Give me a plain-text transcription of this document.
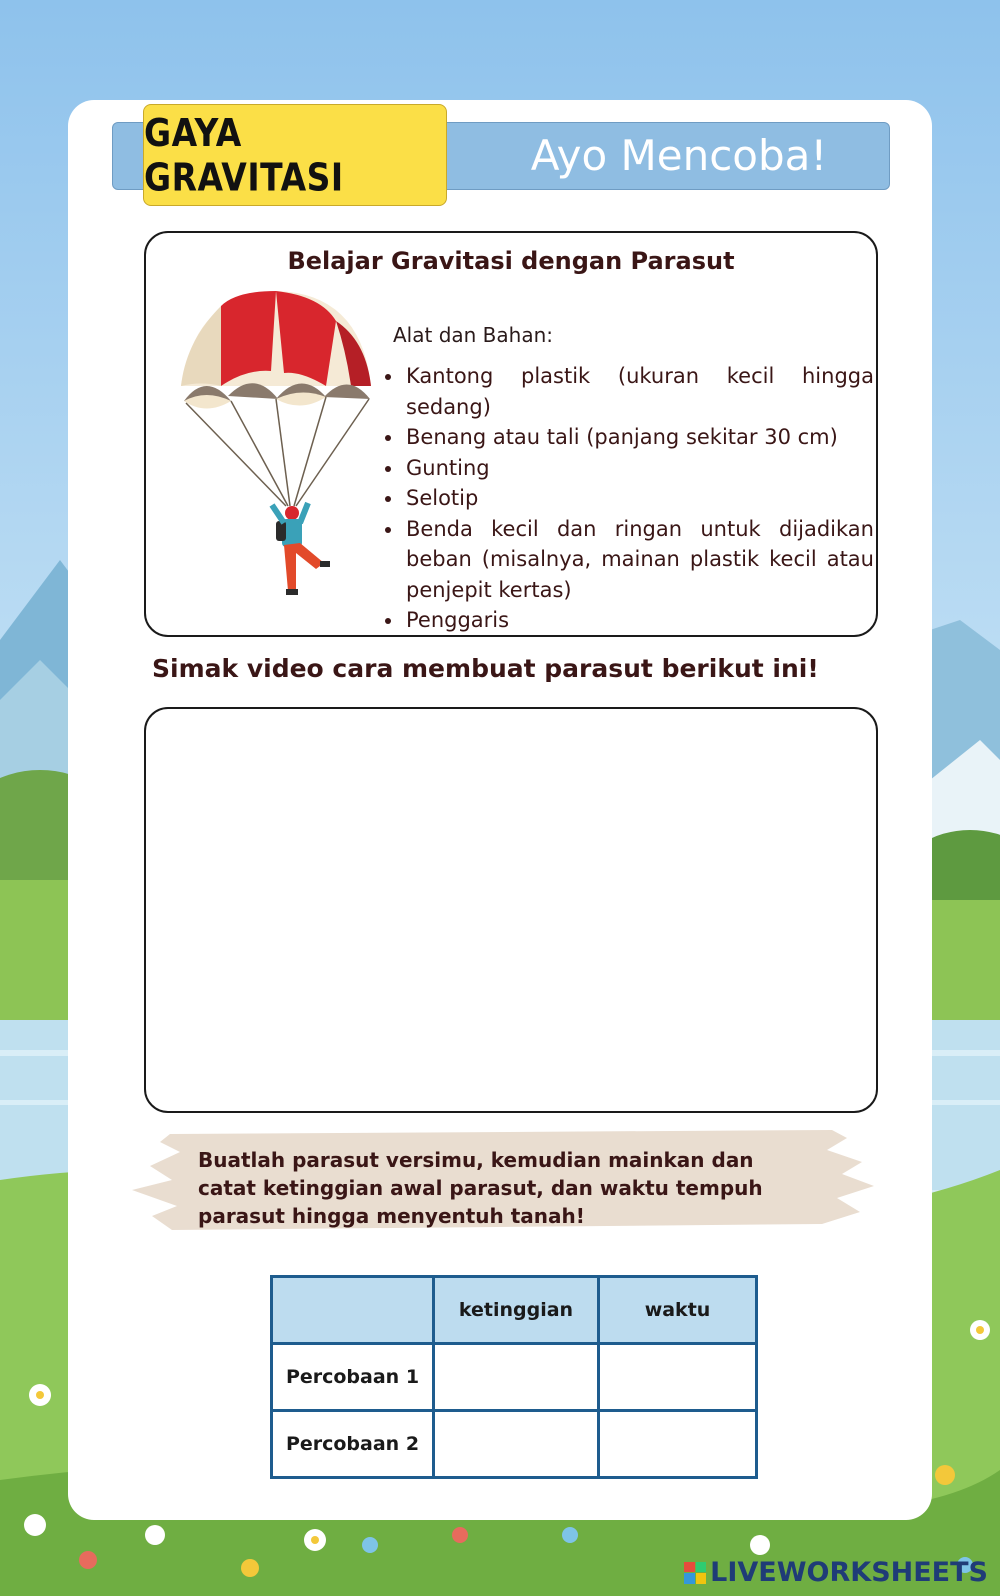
GAYA GRAVITASI	Ayo Mencoba!
Belajar Gravitasi dengan Parasut
Alat dan Bahan:
• Kantong plastik (ukuran kecil hingga sedang)
• Benang atau tali (panjang sekitar 30 cm)
• Gunting
• Selotip
• Benda kecil dan ringan untuk dijadikan beban (misalnya, mainan plastik kecil atau penjepit kertas)
• Penggaris
Simak video cara membuat parasut berikut ini!
Buatlah parasut versimu, kemudian mainkan dan catat ketinggian awal parasut, dan waktu tempuh parasut hingga menyentuh tanah!
	ketinggian	waktu
Percobaan 1		
Percobaan 2		
LIVEWORKSHEETS
